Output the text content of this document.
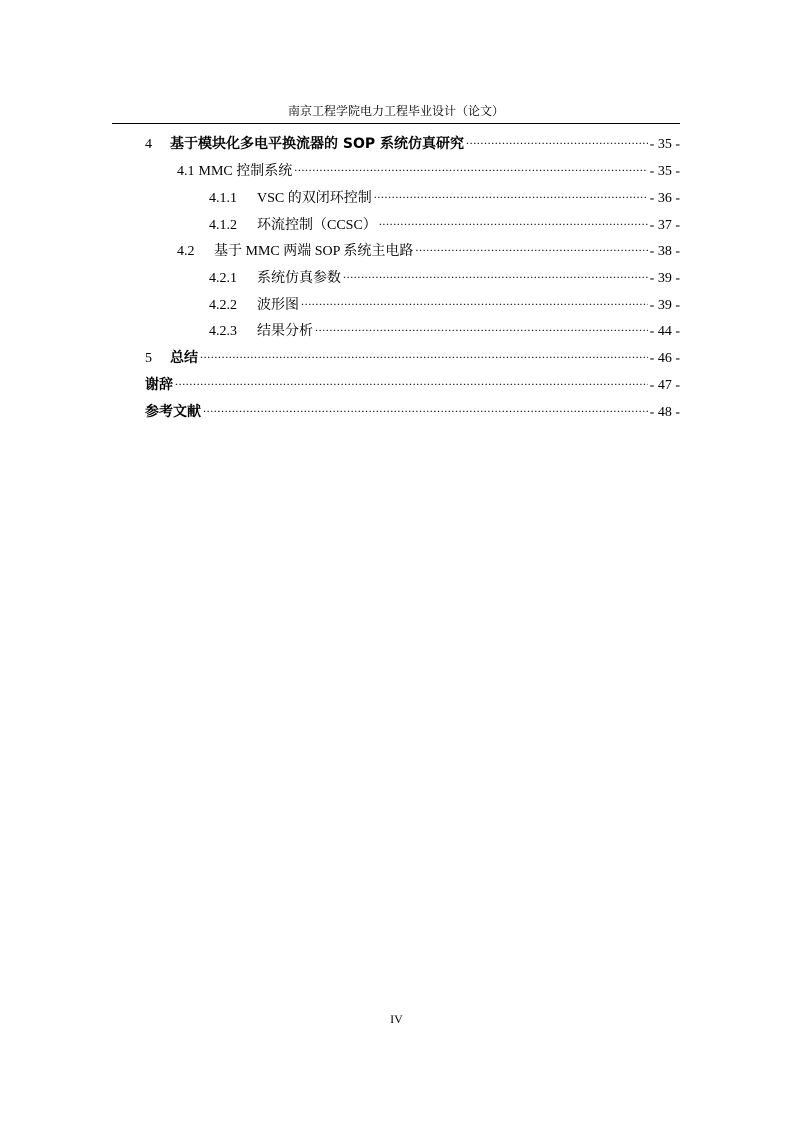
南京工程学院电力工程毕业设计（论文）
4	基于模块化多电平换流器的 SOP 系统仿真研究 .....	- 35 -
4.1 MMC 控制系统 .....	- 35 -
4.1.1	VSC 的双闭环控制 .....	- 36 -
4.1.2	环流控制（CCSC） .....	- 37 -
4.2	基于 MMC 两端 SOP 系统主电路 .....	- 38 -
4.2.1	系统仿真参数 .....	- 39 -
4.2.2	波形图 .....	- 39 -
4.2.3	结果分析 .....	- 44 -
5	总结 .....	- 46 -
谢辞 .....	- 47 -
参考文献 .....	- 48 -
IV
